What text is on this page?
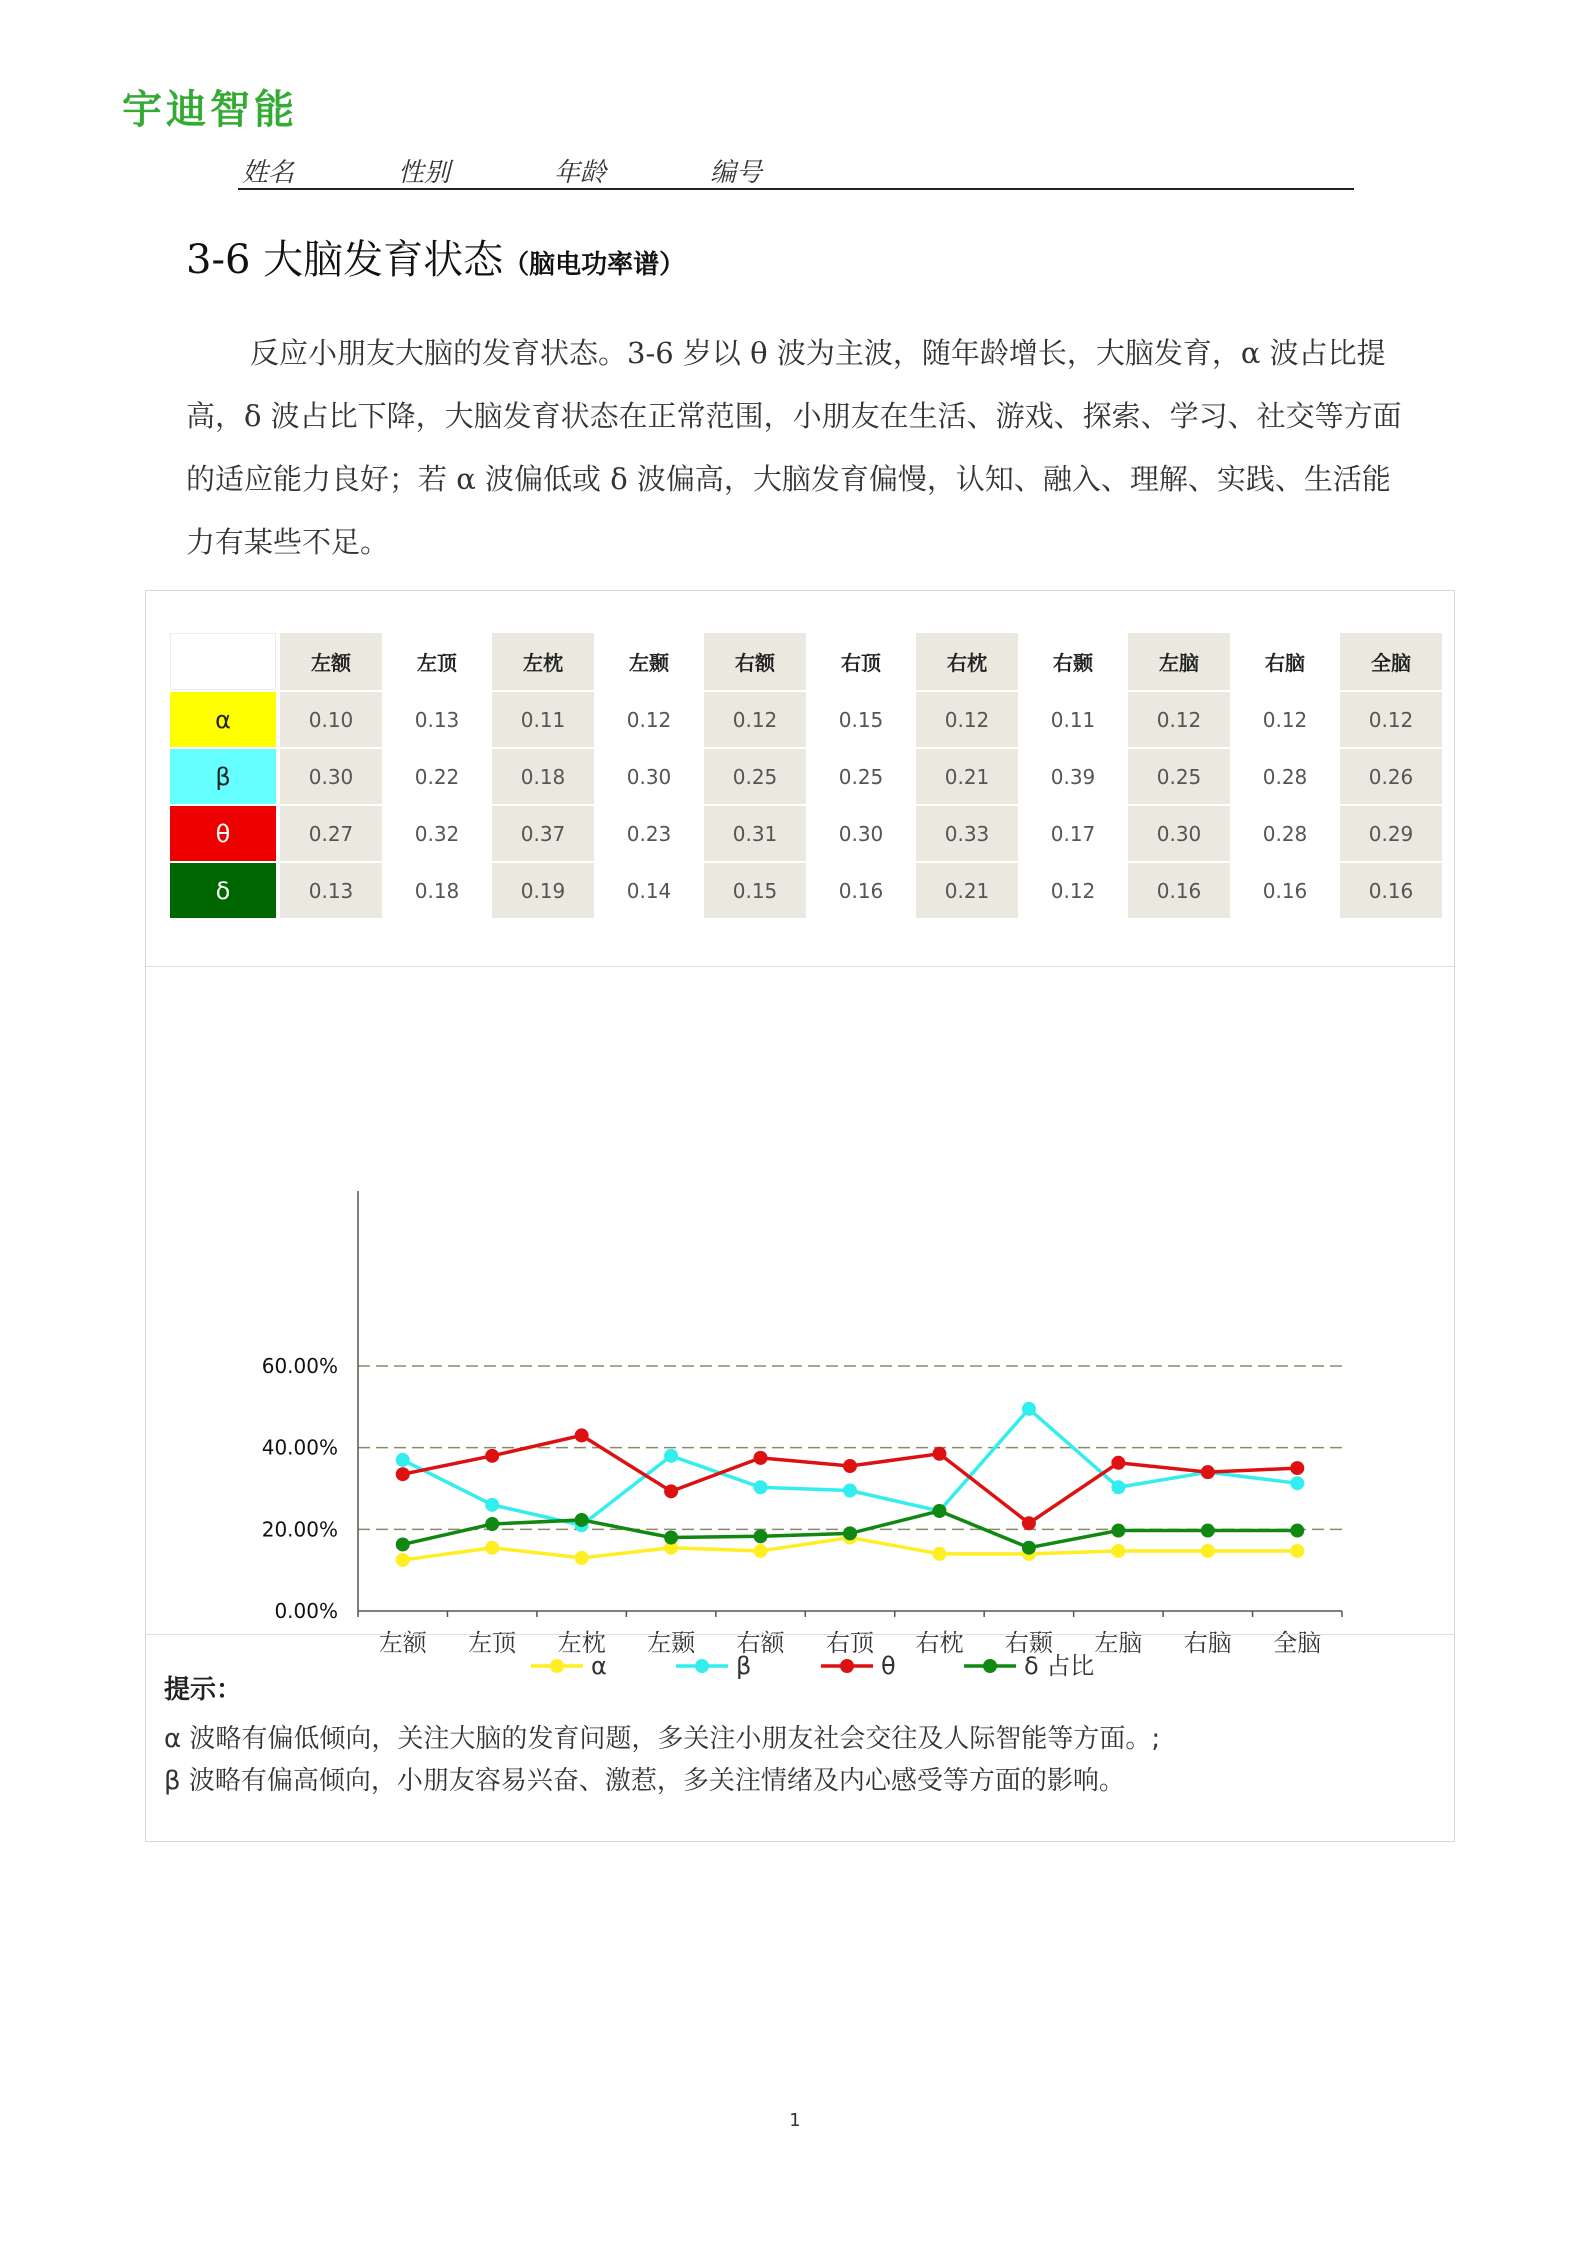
宇迪智能
姓名	性别	年龄	编号
3-6 大脑发育状态（脑电功率谱）
反应小朋友大脑的发育状态。3-6 岁以 θ 波为主波，随年龄增长，大脑发育，α 波占比提高，δ 波占比下降，大脑发育状态在正常范围，小朋友在生活、游戏、探索、学习、社交等方面的适应能力良好；若 α 波偏低或 δ 波偏高，大脑发育偏慢，认知、融入、理解、实践、生活能力有某些不足。
	左额	左顶	左枕	左颞	右额	右顶	右枕	右颞	左脑	右脑	全脑
α	0.10	0.13	0.11	0.12	0.12	0.15	0.12	0.11	0.12	0.12	0.12
β	0.30	0.22	0.18	0.30	0.25	0.25	0.21	0.39	0.25	0.28	0.26
θ	0.27	0.32	0.37	0.23	0.31	0.30	0.33	0.17	0.30	0.28	0.29
δ	0.13	0.18	0.19	0.14	0.15	0.16	0.21	0.12	0.16	0.16	0.16
0.00%
20.00%
40.00%
60.00%
左额 左顶 左枕 左颞 右额 右顶 右枕 右颞 左脑 右脑 全脑
α	β	θ	δ 占比
提示：
α 波略有偏低倾向，关注大脑的发育问题，多关注小朋友社会交往及人际智能等方面。;
β 波略有偏高倾向，小朋友容易兴奋、激惹，多关注情绪及内心感受等方面的影响。
1
